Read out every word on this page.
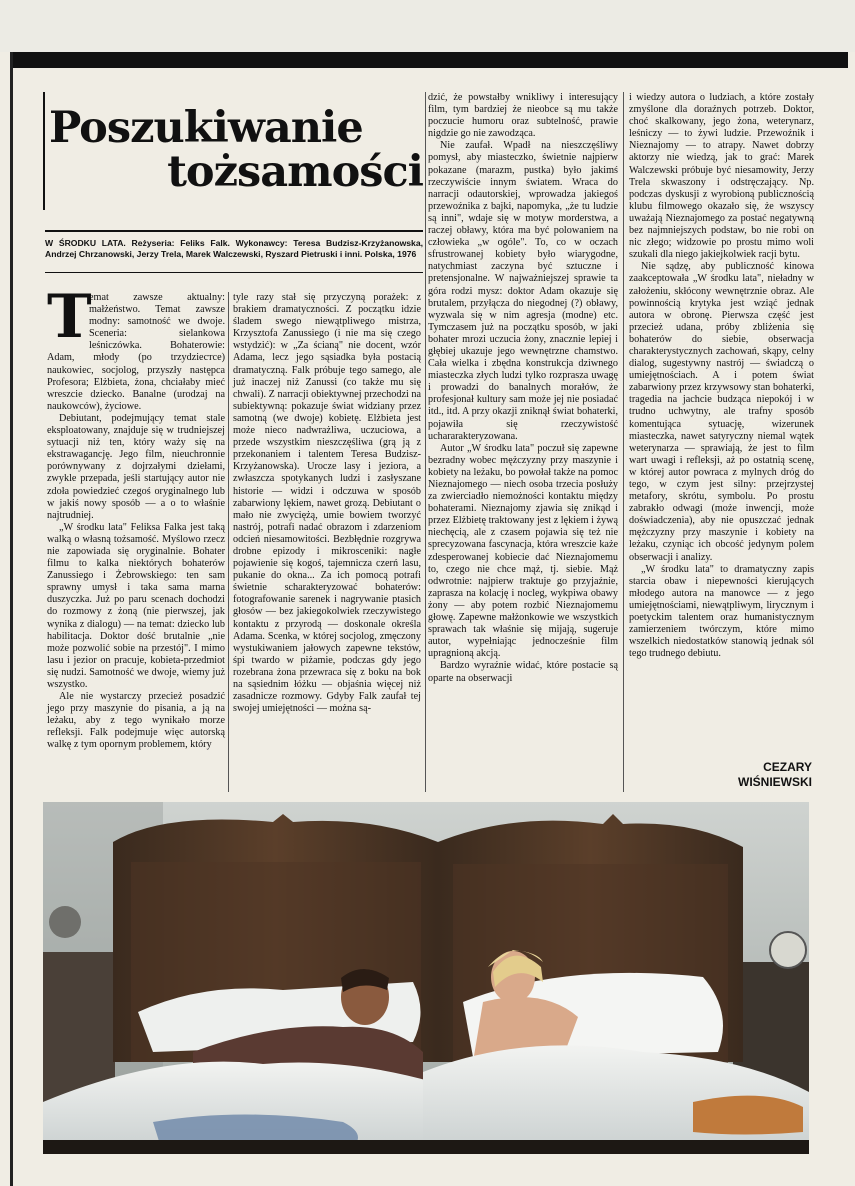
Poszukiwanie
tożsamości
W ŚRODKU LATA. Reżyseria: Feliks Falk. Wykonawcy: Teresa Budzisz-Krzyżanowska, Andrzej Chrzanowski, Jerzy Trela, Marek Walczewski, Ryszard Pietruski i inni. Polska, 1976

T
emat zawsze aktualny: małżeństwo. Temat zawsze modny: samotność we dwoje. Sceneria: sielankowa leśniczówka. Bohaterowie: Adam, młody (po trzydzieстce) naukowiec, socjolog, przyszły następca Profesora; Elżbieta, żona, chciałaby mieć wreszcie dziecko. Banalne (urodzaj na naukowców), życiowe.

Debiutant, podejmujący temat stale eksploatowany, znajduje się w trudniejszej sytuacji niż ten, który waży się na ekstrawagancję. Jego film, nieuchronnie porównywany z dojrzałymi dziełami, zwykle przepada, jeśli startujący autor nie zdoła powiedzieć czegoś oryginalnego lub w jakiś nowy sposób — a o to właśnie najtrudniej.

„W środku lata" Feliksa Falka jest taką walką o własną tożsamość. Myślowo rzecz nie zapowiada się oryginalnie. Bohater filmu to kalka niektórych bohaterów Zanussiego i Żebrowskiego: ten sam sprawny umysł i taka sama marna duszyczka. Już po paru scenach dochodzi do rozmowy z żoną (nie pierwszej, jak wynika z dialogu) — na temat: dziecko lub habilitacja. Doktor dość brutalnie „nie może pozwolić sobie na przestój". I mimo lasu i jezior on pracuje, kobieta-przedmiot się nudzi. Samotność we dwoje, wiemy już wszystko.

Ale nie wystarczy przecież posadzić jego przy maszynie do pisania, a ją na leżaku, aby z tego wynikało morze refleksji. Falk podejmuje więc autorską walkę z tym opornym problemem, który

tyle razy stał się przyczyną porażek: z brakiem dramatyczności. Z początku idzie śladem swego niewątpliwego mistrza, Krzysztofa Zanussiego (i nie ma się czego wstydzić): w „Za ścianą" nie docent, wzór Adama, lecz jego sąsiadka była postacią dramatyczną. Falk próbuje tego samego, ale już inaczej niż Zanussi (co także mu się chwali). Z narracji obiektywnej przechodzi na subiektywną: pokazuje świat widziany przez samotną (we dwoje) kobietę. Elżbieta jest może nieco nadwrażliwa, uczuciowa, a przede wszystkim nieszczęśliwa (grą ją z przekonaniem i talentem Teresa Budzisz-Krzyżanowska). Urocze lasy i jeziora, a zwłaszcza spotykanych ludzi i zasłyszane historie — widzi i odczuwa w sposób zabarwiony lękiem, nawet grozą. Debiutant o mało nie zwyciężą, umie bowiem tworzyć nastrój, potrafi nadać obrazom i zdarzeniom odcień niesamowitości. Bezbłędnie rozgrywa drobne epizody i mikrosceniki: nagłe pojawienie się kogoś, tajemnicza czerń lasu, pukanie do okna... Za ich pomocą potrafi świetnie scharakteryzować bohaterów: fotografowanie sarenek i nagrywanie ptasich głosów — bez jakiegokolwiek rzeczywistego kontaktu z przyrodą — doskonale określa Adama. Scenka, w której socjolog, zmęczony wystukiwaniem jałowych zapewne tekstów, śpi twardo w piżamie, podczas gdy jego rozebrana żona przewraca się z boku na bok na sąsiednim łóżku — objaśnia więcej niż zasadnicze rozmowy. Gdyby Falk zaufał tej swojej umiejętności — można są-

dzić, że powstałby wnikliwy i interesujący film, tym bardziej że nieobce są mu także poczucie humoru oraz subtelność, prawie nigdzie go nie zawodząca.

Nie zaufał. Wpadł na nieszczęśliwy pomysł, aby miasteczko, świetnie najpierw pokazane (marazm, pustka) było jakimś rzeczywiście innym światem. Wraca do narracji odautorskiej, wprowadza jakiegoś przewoźnika z bajki, napomyka, „że tu ludzie są inni", wdaje się w motyw morderstwa, a raczej obławy, która ma być polowaniem na człowieka „w ogóle". To, co w oczach sfrustrowanej kobiety było wiarygodne, natychmiast zaczyna być sztuczne i pretensjonalne. W najważniejszej sprawie ta góra rodzi mysz: doktor Adam okazuje się brutalem, przyłącza do niegodnej (?) obławy, wyzwala się w nim agresja (modne) etc. Tymczasem już na początku sposób, w jaki bohater mrozi uczucia żony, znacznie lepiej i głębiej ukazuje jego wewnętrzne chamstwo. Cała wielka i zbędna konstrukcja dziwnego miasteczka złych ludzi tylko rozprasza uwagę i prowadzi do banalnych morałów, że profesjonał kultury sam może jej nie posiadać itd., itd. A przy okazji zniknął świat bohaterki, pojawiła się rzeczywistość uchararakteryzowana.

Autor „W środku lata" poczuł się zapewne bezradny wobec mężczyzny przy maszynie i kobiety na leżaku, bo powołał także na pomoc Nieznajomego — niech osoba trzecia posłuży za zwierciadło niemożności kontaktu między bohaterami. Nieznajomy zjawia się znikąd i przez Elżbietę traktowany jest z lękiem i żywą niechęcią, ale z czasem pojawia się też nie sprecyzowana fascynacja, która wreszcie każe zdesperowanej kobiecie dać Nieznajomemu to, czego nie chce mąż, tj. siebie. Mąż odwrotnie: najpierw traktuje go przyjaźnie, zaprasza na kolację i nocleg, wykpiwa obawy żony — aby potem rozbić Nieznajomemu głowę. Zapewne małżonkowie we wszystkich sprawach tak właśnie się mijają, sugeruje autor, wypełniając jednocześnie film upragnioną akcją.

Bardzo wyraźnie widać, które postacie są oparte na obserwacji

i wiedzy autora o ludziach, a które zostały zmyślone dla doraźnych potrzeb. Doktor, choć skalkowany, jego żona, weterynarz, leśniczy — to żywi ludzie. Przewoźnik i Nieznajomy — to atrapy. Nawet dobrzy aktorzy nie wiedzą, jak to grać: Marek Walczewski próbuje być niesamowity, Jerzy Trela skwaszony i odstręczający. Np. podczas dyskusji z wyrobioną publicznością klubu filmowego okazało się, że wszyscy uważają Nieznajomego za postać negatywną bez najmniejszych podstaw, bo nie robi on nic złego; widzowie po prostu mimo woli szukali dla niego jakiejkolwiek racji bytu.

Nie sądzę, aby publiczność kinowa zaakceptowała „W środku lata", nieładny w założeniu, skłócony wewnętrznie obraz. Ale powinnością krytyka jest wziąć jednak autora w obronę. Pierwsza część jest przecież udana, próby zbliżenia się bohaterów do siebie, obserwacja charakterystycznych zachowań, skąpy, celny dialog, sugestywny nastrój — świadczą o umiejętnościach. A i potem świat zabarwiony przez krzywsowy stan bohaterki, tragedia na jachcie budząca niepokój i w trudno uchwytny, ale trafny sposób komentująca sytuację, wizerunek miasteczka, nawet satyryczny niemal wątek weterynarza — sprawiają, że jest to film wart uwagi i refleksji, aż po ostatnią scenę, w której autor powraca z mylnych dróg do tego, w czym jest silny: przejrzystej metafory, skrótu, symbolu. Po prostu zabrakło odwagi (może inwencji, może doświadczenia), aby nie opuszczać jednak mężczyzny przy maszynie i kobiety na leżaku, czyniąc ich obcość jedynym polem obserwacji i analizy.

„W środku lata" to dramatyczny zapis starcia obaw i niepewności kierujących młodego autora na manowce — z jego umiejętnościami, niewątpliwym, lirycznym i poetyckim talentem oraz humanistycznym zamierzeniem twórczym, które mimo wszelkich niedostatków stanowią jednak sól tego trudnego debiutu.

CEZARY
WIŚNIEWSKI
